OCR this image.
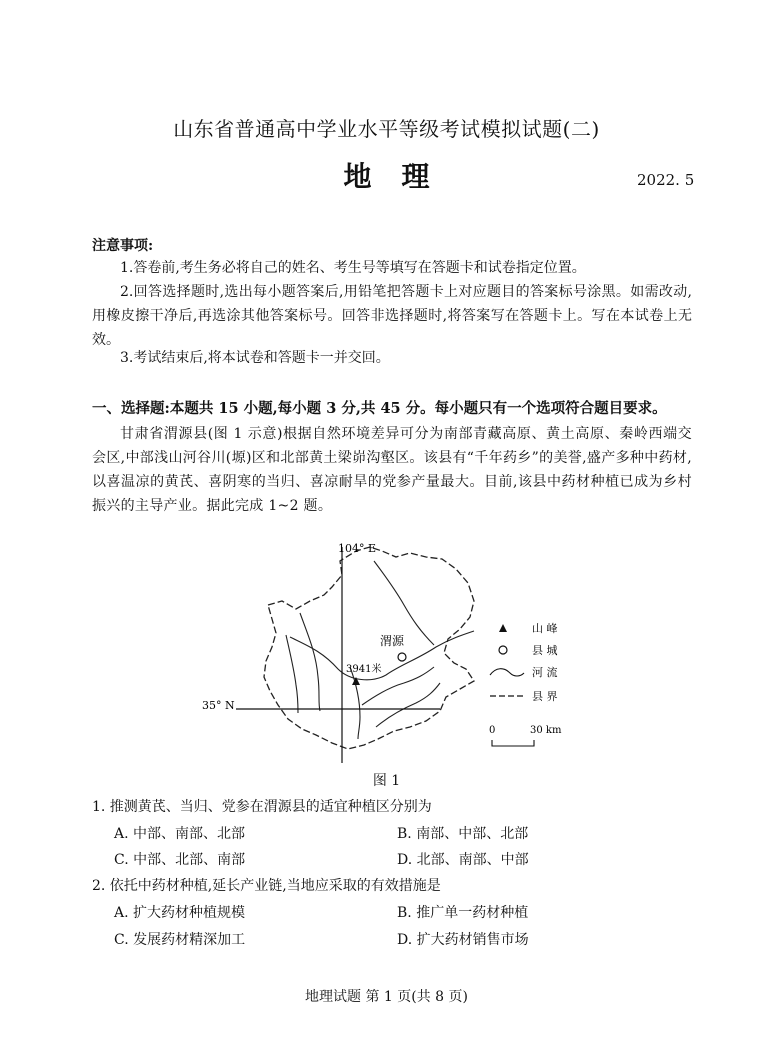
山东省普通高中学业水平等级考试模拟试题(二)
地理	2022. 5
注意事项:
1.答卷前,考生务必将自己的姓名、考生号等填写在答题卡和试卷指定位置。
2.回答选择题时,选出每小题答案后,用铅笔把答题卡上对应题目的答案标号涂黑。如需改动,用橡皮擦干净后,再选涂其他答案标号。回答非选择题时,将答案写在答题卡上。写在本试卷上无效。
3.考试结束后,将本试卷和答题卡一并交回。
一、选择题:本题共 15 小题,每小题 3 分,共 45 分。每小题只有一个选项符合题目要求。
甘肃省渭源县(图 1 示意)根据自然环境差异可分为南部青藏高原、黄土高原、秦岭西端交会区,中部浅山河谷川(塬)区和北部黄土梁峁沟壑区。该县有“千年药乡”的美誉,盛产多种中药材,以喜温凉的黄芪、喜阴寒的当归、喜凉耐旱的党参产量最大。目前,该县中药材种植已成为乡村振兴的主导产业。据此完成 1~2 题。
104° E
35° N
渭源
3941米
山 峰
县 城
河 流
县 界
0	30 km
图 1
1. 推测黄芪、当归、党参在渭源县的适宜种植区分别为
A. 中部、南部、北部	B. 南部、中部、北部
C. 中部、北部、南部	D. 北部、南部、中部
2. 依托中药材种植,延长产业链,当地应采取的有效措施是
A. 扩大药材种植规模	B. 推广单一药材种植
C. 发展药材精深加工	D. 扩大药材销售市场
地理试题 第 1 页(共 8 页)
